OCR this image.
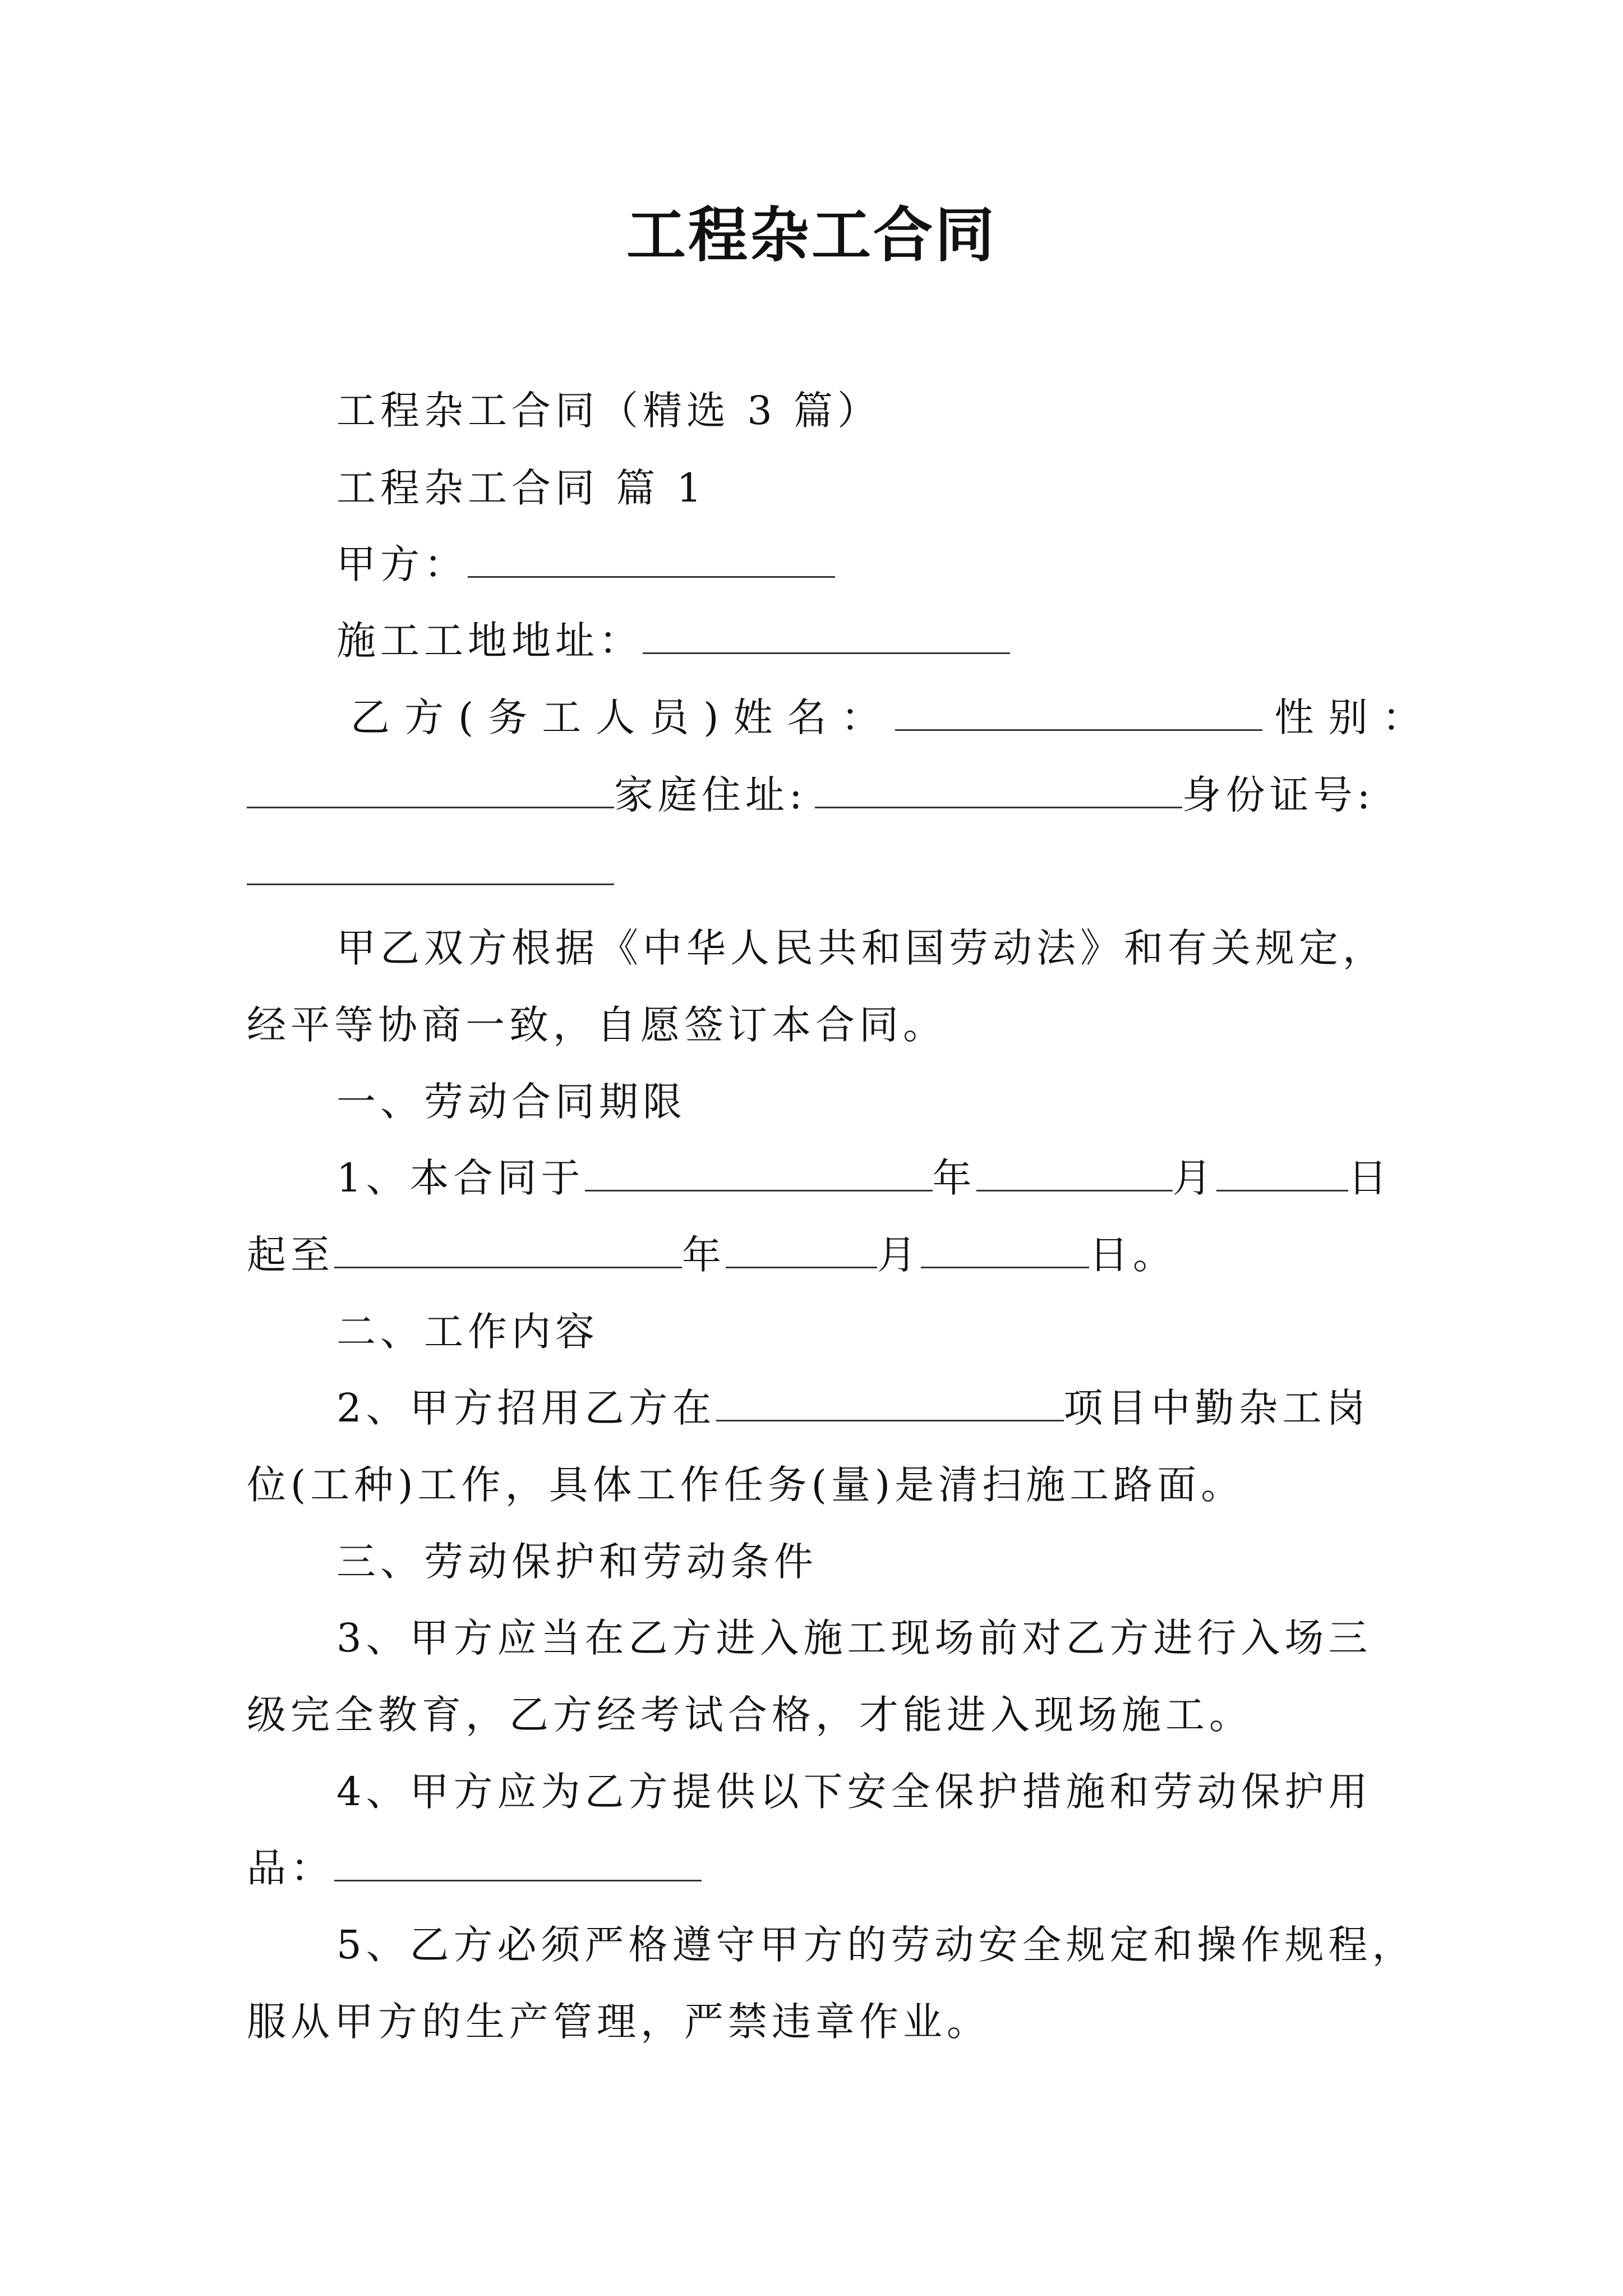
工程杂工合同
工程杂工合同（精选 3 篇）
工程杂工合同 篇 1
甲方：
施工工地地址：
乙方(务工人员)姓名：	性别：
家庭住址:	身份证号:
甲乙双方根据《中华人民共和国劳动法》和有关规定，
经平等协商一致，自愿签订本合同。
一、劳动合同期限
1、本合同于	年	月	日
起至	年	月	日。
二、工作内容
2、甲方招用乙方在	项目中勤杂工岗
位(工种)工作，具体工作任务(量)是清扫施工路面。
三、劳动保护和劳动条件
3、甲方应当在乙方进入施工现场前对乙方进行入场三
级完全教育，乙方经考试合格，才能进入现场施工。
4、甲方应为乙方提供以下安全保护措施和劳动保护用
品：
5、乙方必须严格遵守甲方的劳动安全规定和操作规程，
服从甲方的生产管理，严禁违章作业。
